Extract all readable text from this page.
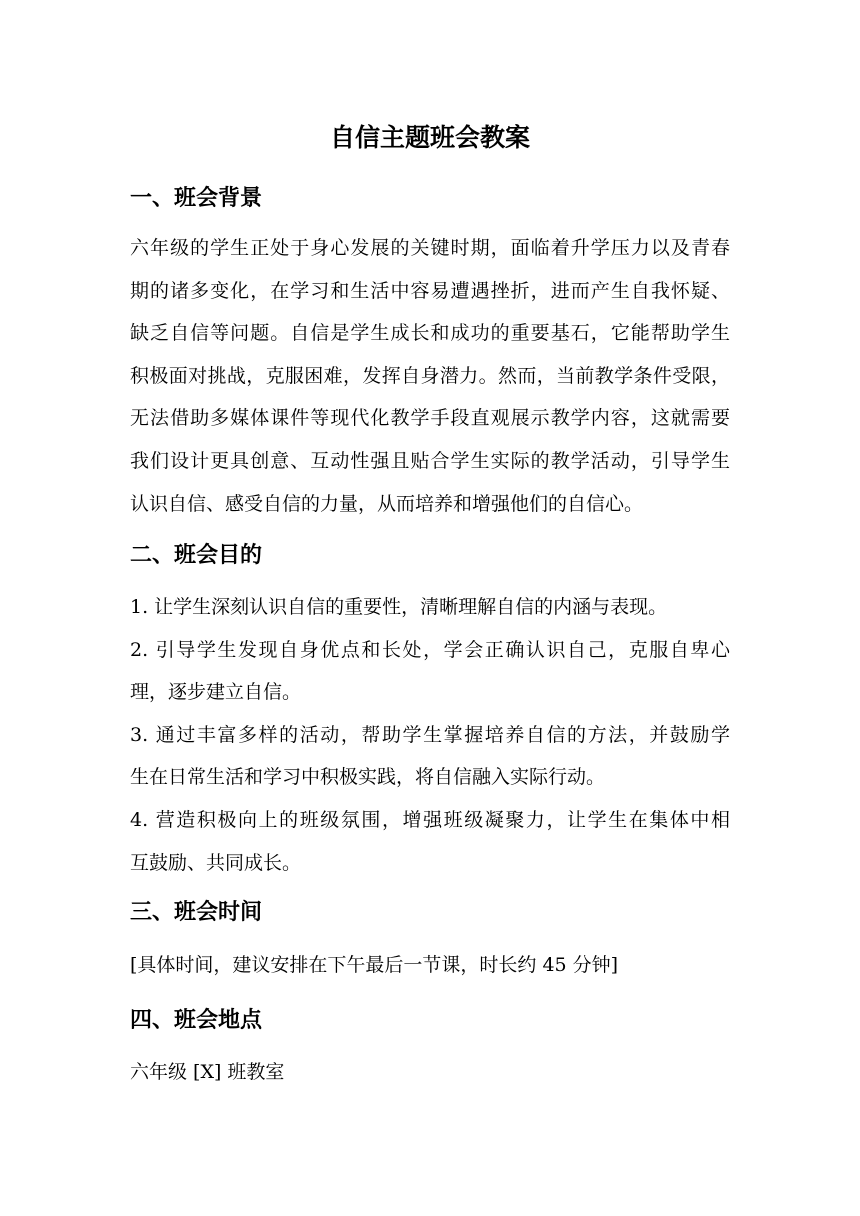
自信主题班会教案
一、班会背景
六年级的学生正处于身心发展的关键时期，面临着升学压力以及青春
期的诸多变化，在学习和生活中容易遭遇挫折，进而产生自我怀疑、
缺乏自信等问题。自信是学生成长和成功的重要基石，它能帮助学生
积极面对挑战，克服困难，发挥自身潜力。然而，当前教学条件受限，
无法借助多媒体课件等现代化教学手段直观展示教学内容，这就需要
我们设计更具创意、互动性强且贴合学生实际的教学活动，引导学生
认识自信、感受自信的力量，从而培养和增强他们的自信心。
二、班会目的
1. 让学生深刻认识自信的重要性，清晰理解自信的内涵与表现。
2. 引导学生发现自身优点和长处，学会正确认识自己，克服自卑心
理，逐步建立自信。
3. 通过丰富多样的活动，帮助学生掌握培养自信的方法，并鼓励学
生在日常生活和学习中积极实践，将自信融入实际行动。
4. 营造积极向上的班级氛围，增强班级凝聚力，让学生在集体中相
互鼓励、共同成长。
三、班会时间
[具体时间，建议安排在下午最后一节课，时长约 45 分钟]
四、班会地点
六年级 [X] 班教室
